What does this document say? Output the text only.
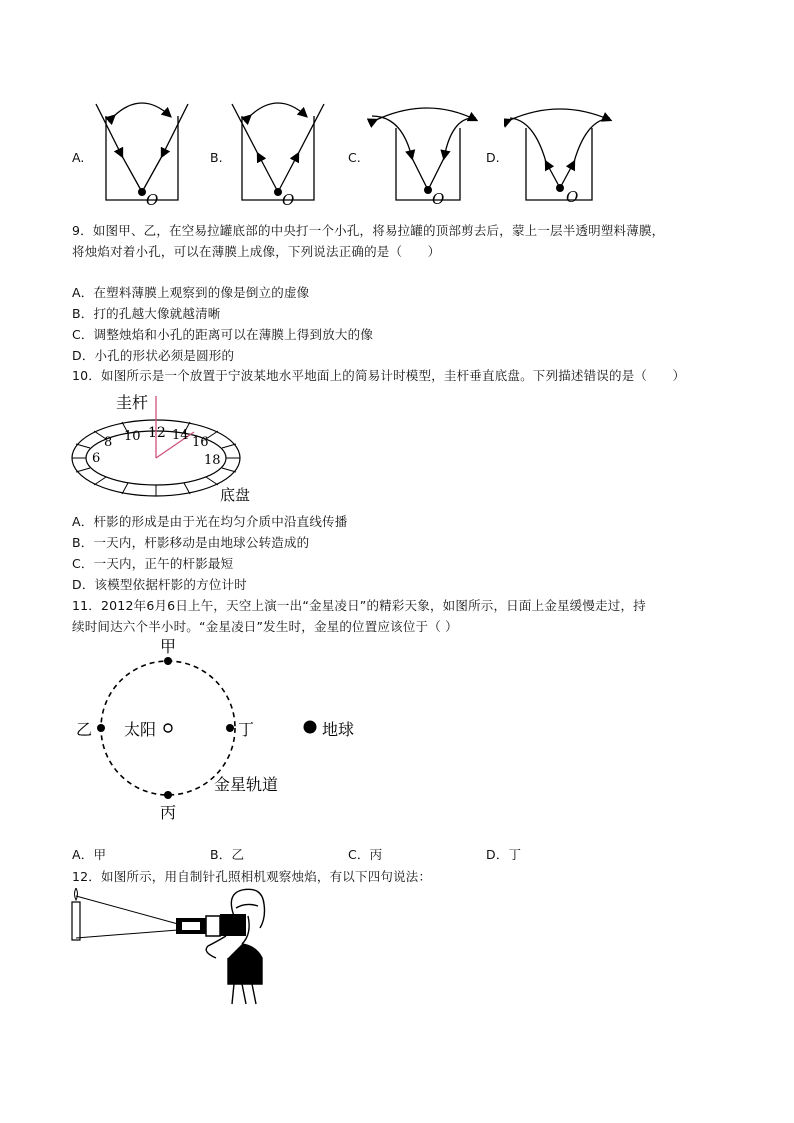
A.
O
B.
O
C.
O
D.
O
9．如图甲、乙，在空易拉罐底部的中央打一个小孔，将易拉罐的顶部剪去后，蒙上一层半透明塑料薄膜，
将烛焰对着小孔，可以在薄膜上成像，下列说法正确的是（　　）
A．在塑料薄膜上观察到的像是倒立的虚像
B．打的孔越大像就越清晰
C．调整烛焰和小孔的距离可以在薄膜上得到放大的像
D．小孔的形状必须是圆形的
10．如图所示是一个放置于宁波某地水平地面上的简易计时模型，圭杆垂直底盘。下列描述错误的是（　　）
6
8 10 12 14 16
18
圭杆
底盘
A．杆影的形成是由于光在均匀介质中沿直线传播
B．一天内，杆影移动是由地球公转造成的
C．一天内，正午的杆影最短
D．该模型依据杆影的方位计时
11．2012年6月6日上午，天空上演一出“金星凌日”的精彩天象，如图所示，日面上金星缓慢走过，持
续时间达六个半小时。“金星凌日”发生时，金星的位置应该位于（ ）
甲
乙
丙
丁
太阳	地球
金星轨道
A．甲	B．乙	C．丙	D．丁
12．如图所示，用自制针孔照相机观察烛焰，有以下四句说法：
